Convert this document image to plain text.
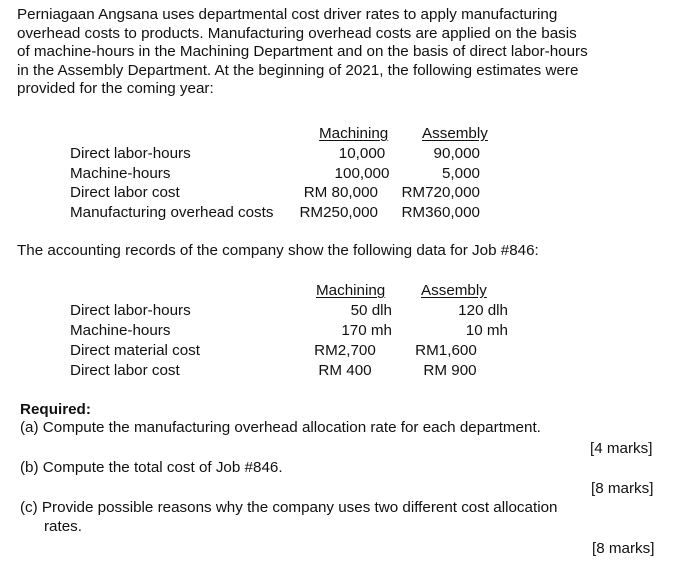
Perniagaan Angsana uses departmental cost driver rates to apply manufacturing
overhead costs to products. Manufacturing overhead costs are applied on the basis
of machine-hours in the Machining Department and on the basis of direct labor-hours
in the Assembly Department. At the beginning of 2021, the following estimates were
provided for the coming year:
Machining Assembly
Direct labor-hours	10,000	90,000
Machine-hours	100,000	5,000
Direct labor cost	RM 80,000	RM720,000
Manufacturing overhead costs	RM250,000	RM360,000
The accounting records of the company show the following data for Job #846:
Machining Assembly
Direct labor-hours	50 dlh	120 dlh
Machine-hours	170 mh	10 mh
Direct material cost	RM2,700	RM1,600
Direct labor cost	RM 400	RM 900
Required:
(a) Compute the manufacturing overhead allocation rate for each department.
[4 marks]
(b) Compute the total cost of Job #846.
[8 marks]
(c) Provide possible reasons why the company uses two different cost allocation
rates.
[8 marks]
